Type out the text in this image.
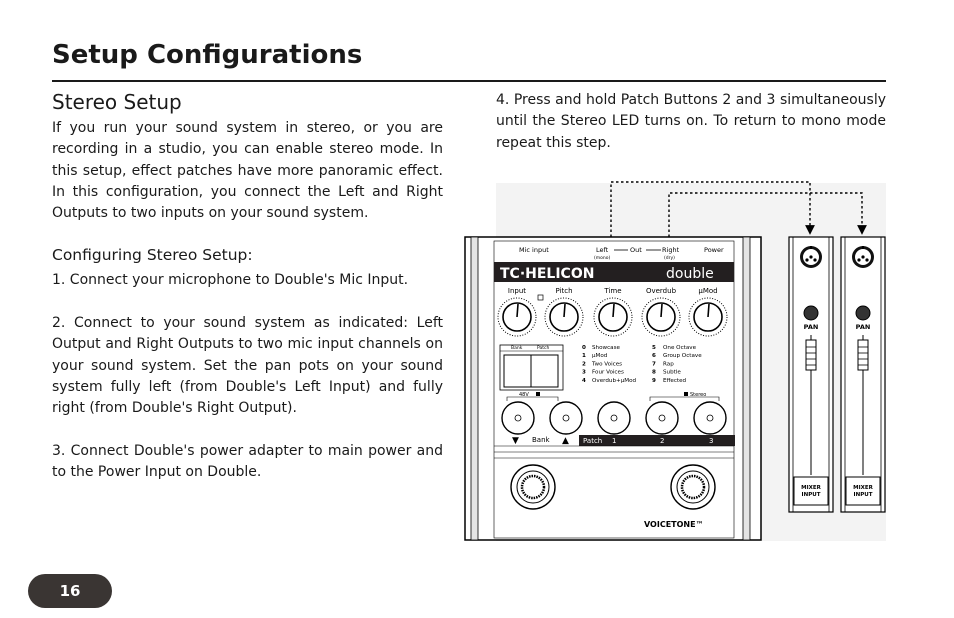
Setup Configurations
Stereo Setup
If you run your sound system in stereo, or you are recording in a studio, you can enable stereo mode. In this setup, effect patches have more panoramic effect. In this configuration, you connect the Left and Right Outputs to two inputs on your sound system.
Configuring Stereo Setup:
1. Connect your microphone to Double's Mic Input.
2. Connect to your sound system as indicated: Left Output and Right Outputs to two mic input channels on your sound system. Set the pan pots on your sound system fully left (from Double's Left Input) and fully right (from Double's Right Output).
3. Connect Double's power adapter to main power and to the Power Input on Double.
4. Press and hold Patch Buttons 2 and 3 simultaneously until the Stereo LED turns on. To return to mono mode repeat this step.
Mic input	Left
(mono)
Out	Right
(dry)
Power
TC·HELICON	double
Input	Pitch	Time	Overdub	µMod
Bank	Patch	0 Showcase
1 µMod
2 Two Voices
3 Four Voices
4 Overdub+µMod
5 One Octave
6 Group Octave
7 Rap
8 Subtle
9 Effected
48V	Stereo
▼ Bank ▲ Patch 1	2	3
VOICETONE™
PAN
MIXER INPUT
PAN
MIXER INPUT
16
